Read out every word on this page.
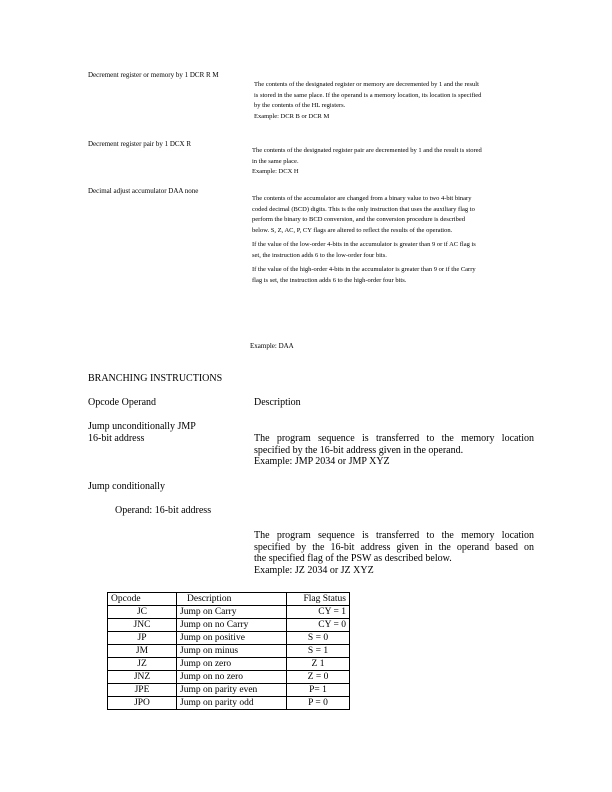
Decrement register or memory by 1 DCR R M

The contents of the designated register or memory are decremented by 1 and the result

is stored in the same place. If the operand is a memory location, its location is specified

by the contents of the HL registers.

Example: DCR B or DCR M

Decrement register pair by 1 DCX R

The contents of the designated register pair are decremented by 1 and the result is stored

in the same place.

Example: DCX H

Decimal adjust accumulator DAA none

The contents of the accumulator are changed from a binary value to two 4-bit binary

coded decimal (BCD) digits. This is the only instruction that uses the auxiliary flag to

perform the binary to BCD conversion, and the conversion procedure is described

below. S, Z, AC, P, CY flags are altered to reflect the results of the operation.

If the value of the low-order 4-bits in the accumulator is greater than 9 or if AC flag is

set, the instruction adds 6 to the low-order four bits.

If the value of the high-order 4-bits in the accumulator is greater than 9 or if the Carry

flag is set, the instruction adds 6 to the high-order four bits.

Example: DAA
BRANCHING INSTRUCTIONS
Opcode Operand	Description
Jump unconditionally JMP
16-bit address	The program sequence is transferred to the memory location

specified by the 16-bit address given in the operand.

Example: JMP 2034 or JMP XYZ

Jump conditionally
Operand: 16-bit address

The program sequence is transferred to the memory location

specified by the 16-bit address given in the operand based on

the specified flag of the PSW as described below.

Example: JZ 2034 or JZ XYZ

Opcode	Description	Flag Status
JC	Jump on Carry	CY = 1
JNC	Jump on no Carry	CY = 0
JP	Jump on positive	S = 0
JM	Jump on minus	S = 1
JZ	Jump on zero	Z 1
JNZ	Jump on no zero	Z = 0
JPE	Jump on parity even	P= 1
JPO	Jump on parity odd	P = 0
